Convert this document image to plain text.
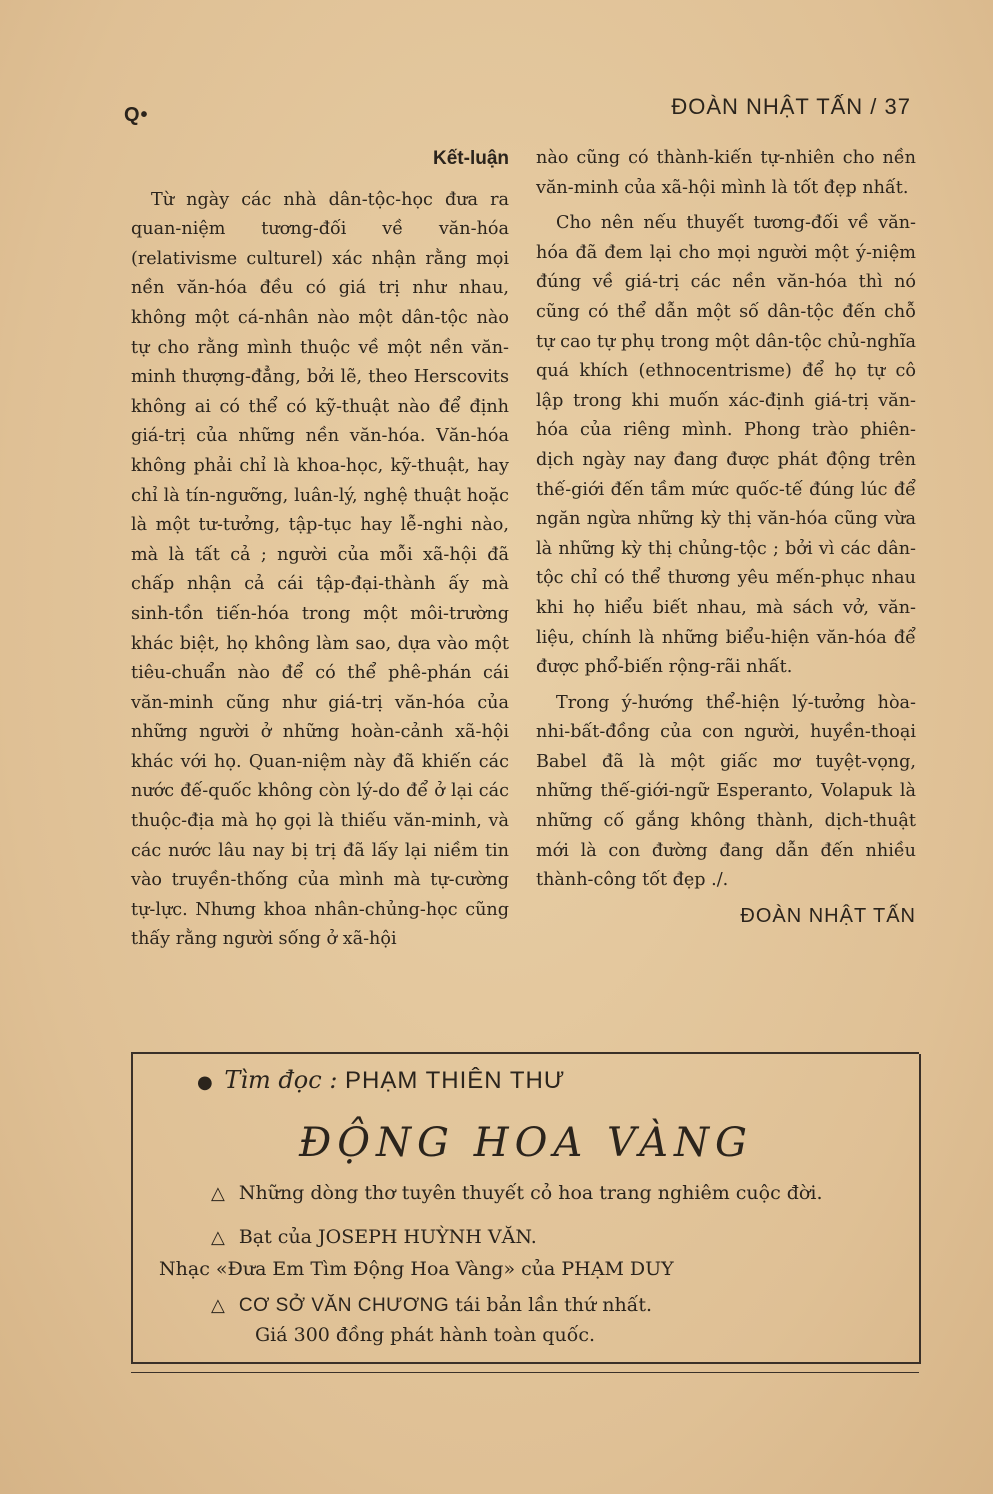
Q•	ĐOÀN NHẬT TẤN / 37
Kết-luận

Từ ngày các nhà dân-tộc-học đưa ra quan-niệm tương-đối về văn-hóa (relativisme culturel) xác nhận rằng mọi nền văn-hóa đều có giá trị như nhau, không một cá-nhân nào một dân-tộc nào tự cho rằng mình thuộc về một nền văn-minh thượng-đẳng, bởi lẽ, theo Herscovits không ai có thể có kỹ-thuật nào để định giá-trị của những nền văn-hóa. Văn-hóa không phải chỉ là khoa-học, kỹ-thuật, hay chỉ là tín-ngưỡng, luân-lý, nghệ thuật hoặc là một tư-tưởng, tập-tục hay lễ-nghi nào, mà là tất cả ; người của mỗi xã-hội đã chấp nhận cả cái tập-đại-thành ấy mà sinh-tồn tiến-hóa trong một môi-trường khác biệt, họ không làm sao, dựa vào một tiêu-chuẩn nào để có thể phê-phán cái văn-minh cũng như giá-trị văn-hóa của những người ở những hoàn-cảnh xã-hội khác với họ. Quan-niệm này đã khiến các nước đế-quốc không còn lý-do để ở lại các thuộc-địa mà họ gọi là thiếu văn-minh, và các nước lâu nay bị trị đã lấy lại niềm tin vào truyền-thống của mình mà tự-cường tự-lực. Nhưng khoa nhân-chủng-học cũng thấy rằng người sống ở xã-hội

nào cũng có thành-kiến tự-nhiên cho nền văn-minh của xã-hội mình là tốt đẹp nhất.

Cho nên nếu thuyết tương-đối về văn-hóa đã đem lại cho mọi người một ý-niệm đúng về giá-trị các nền văn-hóa thì nó cũng có thể dẫn một số dân-tộc đến chỗ tự cao tự phụ trong một dân-tộc chủ-nghĩa quá khích (ethnocentrisme) để họ tự cô lập trong khi muốn xác-định giá-trị văn-hóa của riêng mình. Phong trào phiên-dịch ngày nay đang được phát động trên thế-giới đến tầm mức quốc-tế đúng lúc để ngăn ngừa những kỳ thị văn-hóa cũng vừa là những kỳ thị chủng-tộc ; bởi vì các dân-tộc chỉ có thể thương yêu mến-phục nhau khi họ hiểu biết nhau, mà sách vở, văn-liệu, chính là những biểu-hiện văn-hóa để được phổ-biến rộng-rãi nhất.

Trong ý-hướng thể-hiện lý-tưởng hòa-nhi-bất-đồng của con người, huyền-thoại Babel đã là một giấc mơ tuyệt-vọng, những thế-giới-ngữ Esperanto, Volapuk là những cố gắng không thành, dịch-thuật mới là con đường đang dẫn đến nhiều thành-công tốt đẹp ./.

ĐOÀN NHẬT TẤN
● Tìm đọc : PHẠM THIÊN THƯ
ĐỘNG HOA VÀNG
△ Những dòng thơ tuyên thuyết cỏ hoa trang nghiêm cuộc đời.
△ Bạt của JOSEPH HUỲNH VĂN.
Nhạc «Đưa Em Tìm Động Hoa Vàng» của PHẠM DUY
△ CƠ SỞ VĂN CHƯƠNG tái bản lần thứ nhất.
Giá 300 đồng phát hành toàn quốc.
